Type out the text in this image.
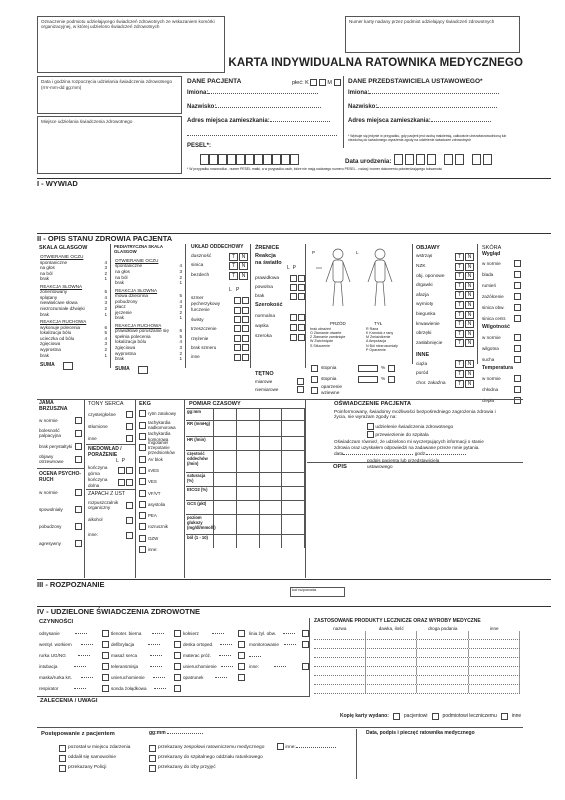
Oznaczenie podmiotu udzielającego świadczeń zdrowotnych ze wskazaniem komórki organizacyjnej, w której udzielono świadczeń zdrowotnych
Numer karty nadany przez podmiot udzielający świadczeń zdrowotnych
KARTA INDYWIDUALNA RATOWNIKA MEDYCZNEGO
Data i godzina rozpoczęcia udzielania świadczenia zdrowotnego
(rrrr-mm-dd gg:mm)
Miejsce udzielania świadczenia zdrowotnego
DANE PACJENTA	płeć: K	M
Imiona:
Nazwisko:
Adres miejsca zamieszkania:
PESEL*:
Data urodzenia:
* W przypadku noworodka - numer PESEL matki, a w przypadku osób, które nie mają nadanego numeru PESEL - rodzaj i numer dokumentu potwierdzającego tożsamość
DANE PRZEDSTAWICIELA USTAWOWEGO*
Imiona:
Nazwisko:
Adres miejsca zamieszkania:
* Wpisuje się jedynie w przypadku, gdy pacjent jest osobą małoletnią, całkowicie ubezwłasnowolnioną lub niezdolną do świadomego wyrażenia zgody na udzielenie świadczeń zdrowotnych
I - WYWIAD
II - OPIS STANU ZDROWIA PACJENTA
SKALA GLASGOW
OTWIERANIE OCZU
spontaniczne	4
na głos	3
na ból	2
brak	1
REAKCJA SŁOWNA
zorientowany	5
splątany	4
niewłaściwe słowa	3
niezrozumiałe dźwięki	2
brak	1
REAKCJA RUCHOWA
wykonuje polecenia	6
lokalizacja bólu	5
ucieczka od bólu	4
zgięciowa	3
wyprostna	2
brak	1
SUMA
PEDIATRYCZNA SKALA GLASGOW
OTWIERANIE OCZU
spontaniczne	4
na głos	3
na ból	2
brak	1
REAKCJA SŁOWNA
mowa dziecinna	5
pobudzony	4
płacz	3
jęczenie	2
brak	1
REAKCJA RUCHOWA
prawidłowe poruszanie się 6
spełnia polecenia	5
lokalizacja bólu	4
zgięciowa	3
wyprostna	2
brak	1
SUMA
UKŁAD ODDECHOWY
duszność	T	N
sinica	T	N
bezdech	T	N
L P
szmer pęcherzykowy
furczenie
świsty
trzeszczenie
rzężenie
brak szmeru
inne
ŹRENICE
Reakcja na światło
L P
prawidłowa
powolna
brak
Szerokość
normalna
wąska
szeroka
TĘTNO
miarowe
niemiarowe
P	L
PRZÓD	TYŁ
brak obrażeń
O Złamanie otwarte
Z Złamanie zamknięte
W Zwichnięcie
S Stłuczenie
R Rana
K Krwotok z rany
M Zmiażdżenie
A Amputacja
N Ból niezrozumiały
P Oparzenie
stopnia	%
stopnia	%
oparzenie wziewne
OBJAWY
wstrząs	T	N
NZK	T	N
obj. oponowe	T	N
drgawki	T	N
afazja	T	N
wymioty	T	N
biegunka	T	N
krwawienie	T	N
obrzęki	T	N
zasłabnięcie	T	N
INNE
ciąża	T	N
poród	T	N
chor. zakaźna	T	N
SKÓRA
Wygląd
w normie
blada
rumień
zażółcenie
sinica obw.
sinica centr.
Wilgotność
w normie
wilgotna
sucha
Temperatura
w normie
chłodna
ciepła
JAMA BRZUSZNA
w normie
bolesność palpacyjna
brak perystaltyki
objawy otrzewnowe
OCENA PSYCHO-RUCH
w normie
spowolniały
pobudzony
agresywny
TONY SERCA
czyste/głośne
stłumione
inne
NIEDOWŁAD / PORAŻENIE
L P
kończyna górna
kończyna dolna
ZAPACH Z UST
rozpuszczalnik organiczny
alkohol
inne:
EKG
rytm zatokowy
tachykardia nadkomorowa
tachykardia komorowa
migotanie/ trzepotanie przedsionków
AV blok
sVES
VES
VF/VT
asystolia
PEA
rozrusznik
OZW
inne:
POMIAR CZASOWY
gg:mm
RR (mmHg)
HR (/min)
częstość oddechów (/min)
saturacja (%)
EtCO2 (%)
GCS (pkt)
poziom glukozy (mg/dl/mmol/l)
ból (1 - 10)
OŚWIADCZENIE PACJENTA
Poinformowany, świadomy możliwości bezpośredniego zagrożenia zdrowia i życia, nie wyrażam zgody na:
udzielenie świadczenia zdrowotnego
przewiezienie do szpitala
Oświadczam również, że udzielono mi wyczerpujących informacji o stanie zdrowia oraz uzyskałem odpowiedzi na zadawane przeze mnie pytania.
data	godz.
podpis pacjenta lub przedstawiciela ustawowego
OPIS
III - ROZPOZNANIE
kod rozpoznania
IV - UDZIELONE ŚWIADCZENIA ZDROWOTNE
CZYNNOŚCI
odsysanie
wentyl. workiem
rurka UG/NG
intubacja
maska/rurka krt.
respirator
tlenoter. bierna
defibrylacja
masaż serca
teleransmisja
unieruchomienie
sonda żołądkowa
kołnierz
deska ortoped.
materac próż.
unieruchomienie
opatrunek
linia żyl. obw.
monitorowanie
inne:
ZASTOSOWANE PRODUKTY LECZNICZE ORAZ WYROBY MEDYCZNE
nazwa	dawka, ilość	droga podania	inne
ZALECENIA / UWAGI
Kopię karty wydano:	pacjentowi	podmiotowi leczniczemu	inne
Postępowanie z pacjentem	gg:mm
pozostał w miejscu zdarzenia
oddalił się samowolnie
przekazany Policji
przekazany zespołowi ratowniczemu medycznego
przekazany do szpitalnego oddziału ratunkowego
przekazany do izby przyjęć
inne:
Data, podpis i pieczęć ratownika medycznego
